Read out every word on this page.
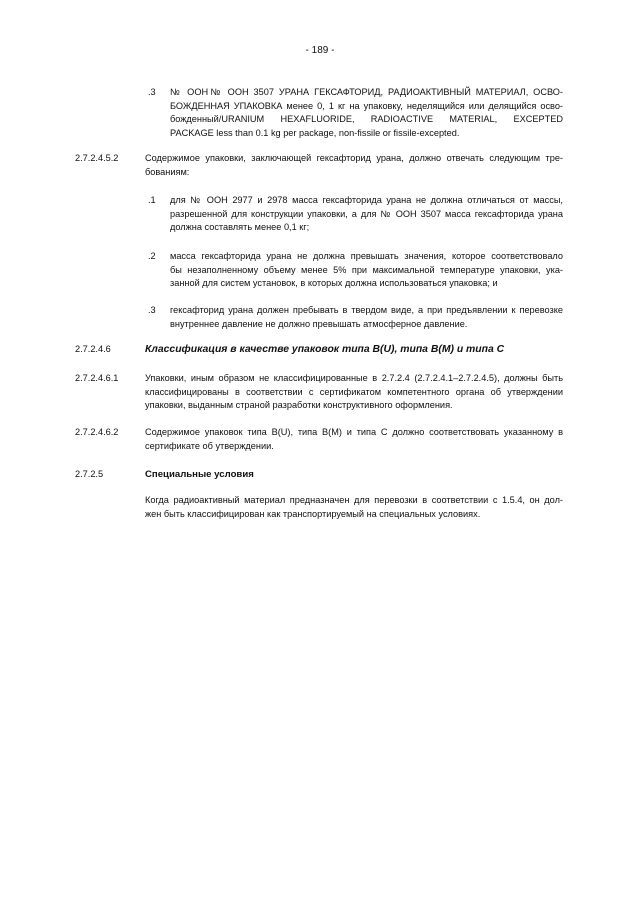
- 189 -
.3 № ООН№ ООН 3507 УРАНА ГЕКСАФТОРИД, РАДИОАКТИВНЫЙ МАТЕРИАЛ, ОСВО-
БОЖДЕННАЯ УПАКОВКА менее 0, 1 кг на упаковку, неделящийся или делящийся осво-
божденный/URANIUM HEXAFLUORIDE, RADIOACTIVE MATERIAL, EXCEPTED
PACKAGE less than 0.1 kg per package, non-fissile or fissile-excepted.
2.7.2.4.5.2	Содержимое упаковки, заключающей гексафторид урана, должно отвечать следующим тре-
бованиям:
.1 для № ООН 2977 и 2978 масса гексафторида урана не должна отличаться от массы,
разрешенной для конструкции упаковки, а для № ООН 3507 масса гексафторида урана
должна составлять менее 0,1 кг;
.2 масса гексафторида урана не должна превышать значения, которое соответствовало
бы незаполненному объему менее 5% при максимальной температуре упаковки, ука-
занной для систем установок, в которых должна использоваться упаковка; и
.3 гексафторид урана должен пребывать в твердом виде, а при предъявлении к перевозке
внутреннее давление не должно превышать атмосферное давление.
2.7.2.4.6	Классификация в качестве упаковок типа B(U), типа B(M) и типа C
2.7.2.4.6.1	Упаковки, иным образом не классифицированные в 2.7.2.4 (2.7.2.4.1–2.7.2.4.5), должны быть
классифицированы в соответствии с сертификатом компетентного органа об утверждении
упаковки, выданным страной разработки конструктивного оформления.
2.7.2.4.6.2	Содержимое упаковок типа B(U), типа B(M) и типа C должно соответствовать указанному в
сертификате об утверждении.
2.7.2.5	Специальные условия
Когда радиоактивный материал предназначен для перевозки в соответствии с 1.5.4, он дол-
жен быть классифицирован как транспортируемый на специальных условиях.
